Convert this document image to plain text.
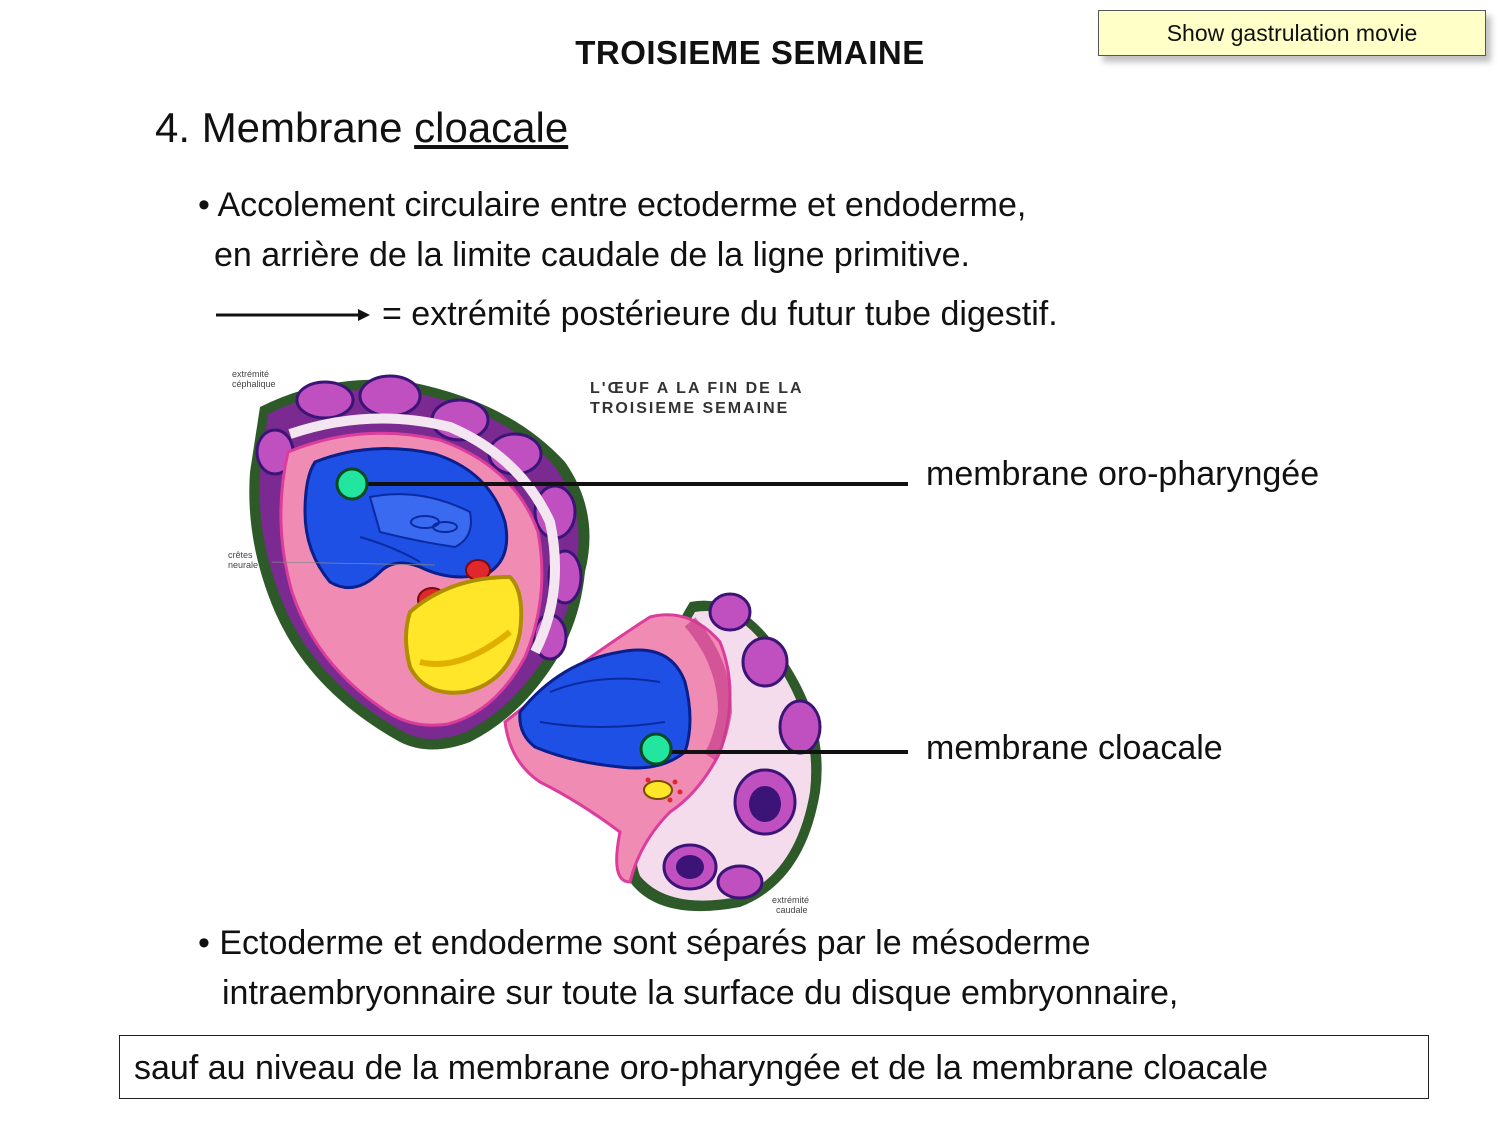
TROISIEME SEMAINE
Show gastrulation movie
4. Membrane cloacale
• Accolement circulaire entre ectoderme et endoderme,
en arrière de la limite caudale de la ligne primitive.
= extrémité postérieure du futur tube digestif.
L'ŒUF A LA FIN DE LA
TROISIEME SEMAINE
extrémité
céphalique
crêtes
neurale
extrémité
caudale
membrane oro-pharyngée
membrane cloacale
• Ectoderme et endoderme sont séparés par le mésoderme
intraembryonnaire sur toute la surface du disque embryonnaire,
sauf au niveau de la membrane oro-pharyngée et de la membrane cloacale
